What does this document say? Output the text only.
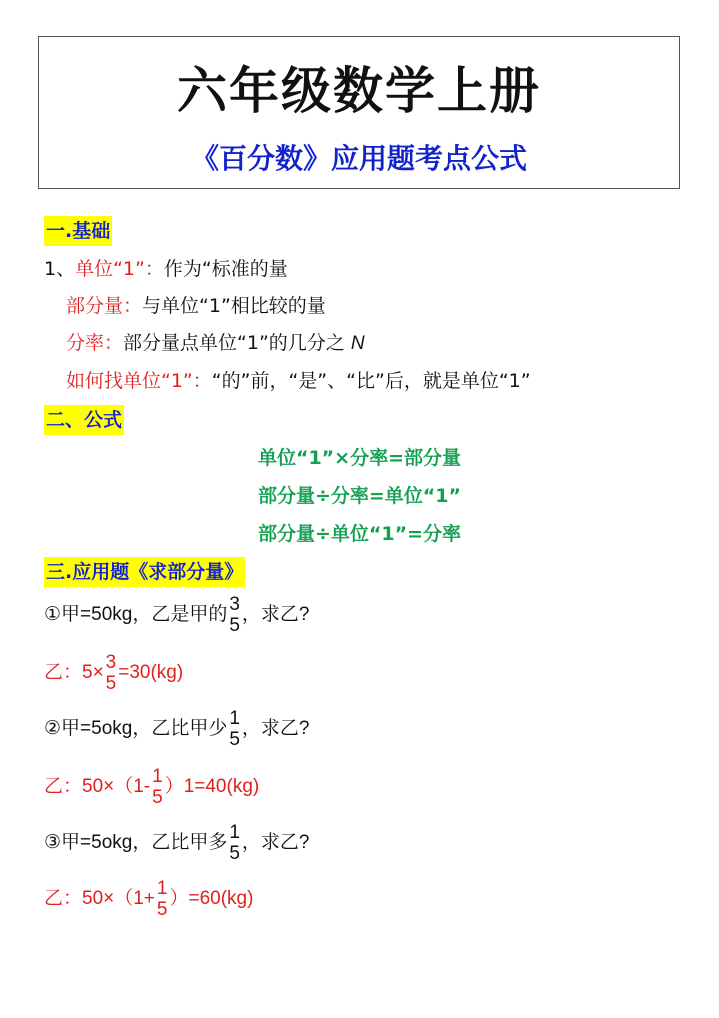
六年级数学上册
《百分数》应用题考点公式
一.基础
1、单位“1”：作为“标准的量
部分量：与单位“1”相比较的量
分率：部分量点单位“1”的几分之 N
如何找单位“1”：“的”前，“是”、“比”后，就是单位“1”
二、公式
单位“1”×分率=部分量
部分量÷分率=单位“1”
部分量÷单位“1”=分率
三.应用题《求部分量》
①甲=50kg，乙是甲的 3
5
，求乙?
乙：5× 3
5
=30(kg)
②甲=5okg，乙比甲少 1
5
，求乙?
乙：50×（1- 1
5
）1=40(kg)
③甲=5okg，乙比甲多 1
5
，求乙?
乙：50×（1+ 1
5
）=60(kg)
